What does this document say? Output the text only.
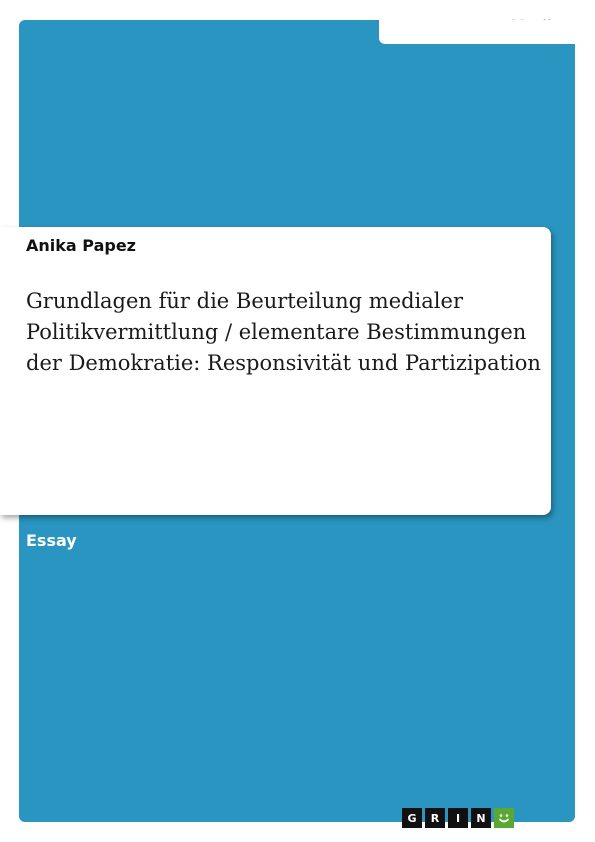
Anika Papez
Grundlagen für die Beurteilung medialer Politikvermittlung / elementare Bestimmungen der Demokratie: Responsivität und Partizipation
Essay
G	R	I	N
